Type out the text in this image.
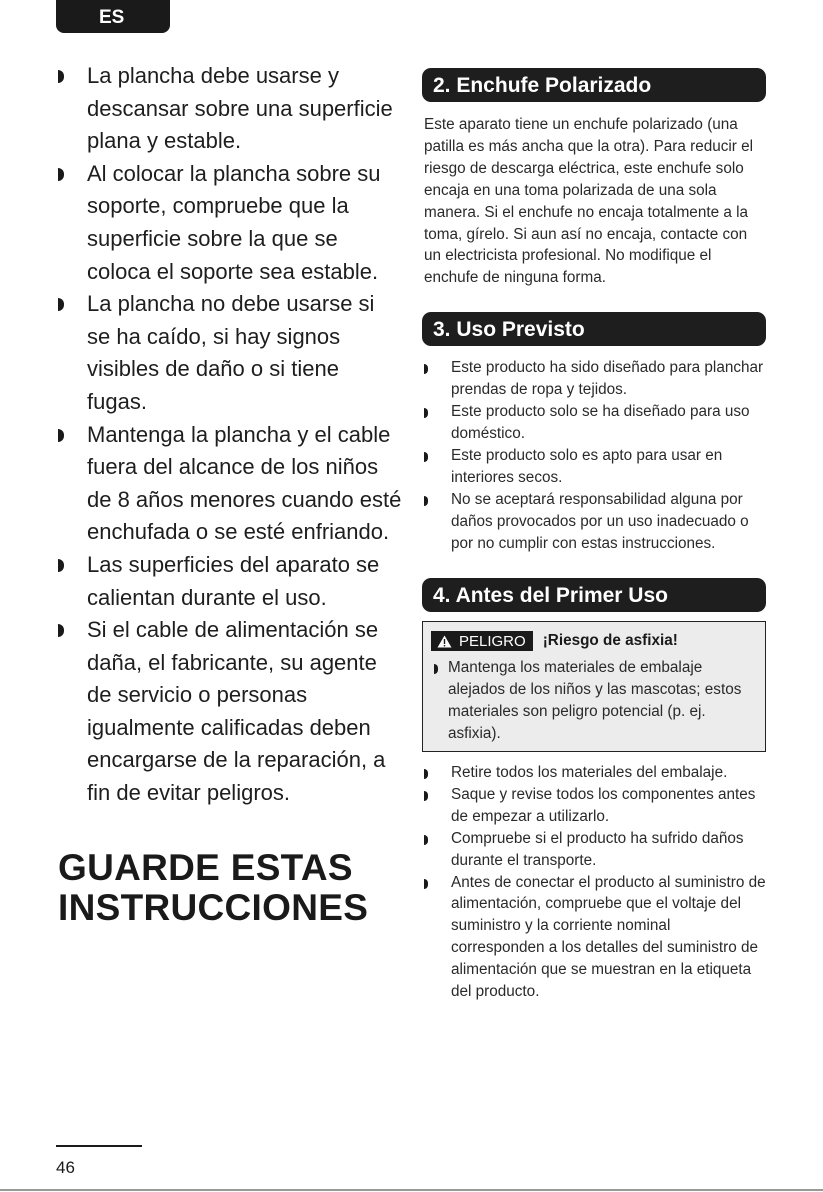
ES
La plancha debe usarse y descansar sobre una superficie plana y estable.
Al colocar la plancha sobre su soporte, compruebe que la superficie sobre la que se coloca el soporte sea estable.
La plancha no debe usarse si se ha caído, si hay signos visibles de daño o si tiene fugas.
Mantenga la plancha y el cable fuera del alcance de los niños de 8 años menores cuando esté enchufada o se esté enfriando.
Las superficies del aparato se calientan durante el uso.
Si el cable de alimentación se daña, el fabricante, su agente de servicio o personas igualmente calificadas deben encargarse de la reparación, a fin de evitar peligros.
GUARDE ESTAS
INSTRUCCIONES
2. Enchufe Polarizado

Este aparato tiene un enchufe polarizado (una patilla es más ancha que la otra). Para reducir el riesgo de descarga eléctrica, este enchufe solo encaja en una toma polarizada de una sola manera. Si el enchufe no encaja totalmente a la toma, gírelo. Si aun así no encaja, contacte con un electricista profesional. No modifique el enchufe de ninguna forma.

3. Uso Previsto
Este producto ha sido diseñado para planchar prendas de ropa y tejidos.
Este producto solo se ha diseñado para uso doméstico.
Este producto solo es apto para usar en interiores secos.
No se aceptará responsabilidad alguna por daños provocados por un uso inadecuado o por no cumplir con estas instrucciones.
4. Antes del Primer Uso
PELIGRO ¡Riesgo de asfixia!
Mantenga los materiales de embalaje alejados de los niños y las mascotas; estos materiales son peligro potencial (p. ej. asfixia).
Retire todos los materiales del embalaje.
Saque y revise todos los componentes antes de empezar a utilizarlo.
Compruebe si el producto ha sufrido daños durante el transporte.
Antes de conectar el producto al suministro de alimentación, compruebe que el voltaje del suministro y la corriente nominal corresponden a los detalles del suministro de alimentación que se muestran en la etiqueta del producto.
46
